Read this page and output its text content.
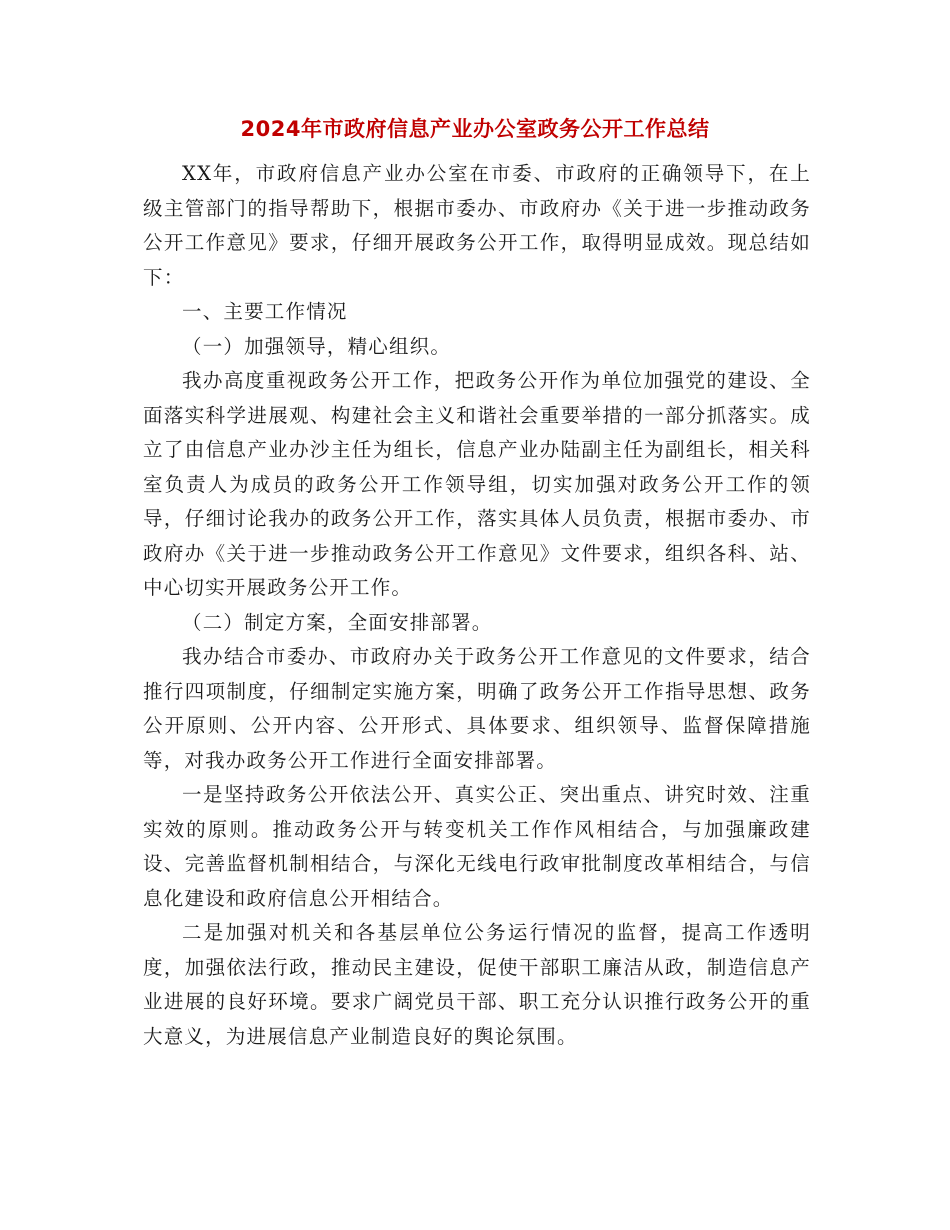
2024年市政府信息产业办公室政务公开工作总结

XX年，市政府信息产业办公室在市委、市政府的正确领导下，在上级主管部门的指导帮助下，根据市委办、市政府办《关于进一步推动政务公开工作意见》要求，仔细开展政务公开工作，取得明显成效。现总结如下：

一、主要工作情况

（一）加强领导，精心组织。

我办高度重视政务公开工作，把政务公开作为单位加强党的建设、全面落实科学进展观、构建社会主义和谐社会重要举措的一部分抓落实。成立了由信息产业办沙主任为组长，信息产业办陆副主任为副组长，相关科室负责人为成员的政务公开工作领导组，切实加强对政务公开工作的领导，仔细讨论我办的政务公开工作，落实具体人员负责，根据市委办、市政府办《关于进一步推动政务公开工作意见》文件要求，组织各科、站、中心切实开展政务公开工作。

（二）制定方案，全面安排部署。

我办结合市委办、市政府办关于政务公开工作意见的文件要求，结合推行四项制度，仔细制定实施方案，明确了政务公开工作指导思想、政务公开原则、公开内容、公开形式、具体要求、组织领导、监督保障措施等，对我办政务公开工作进行全面安排部署。

一是坚持政务公开依法公开、真实公正、突出重点、讲究时效、注重实效的原则。推动政务公开与转变机关工作作风相结合，与加强廉政建设、完善监督机制相结合，与深化无线电行政审批制度改革相结合，与信息化建设和政府信息公开相结合。

二是加强对机关和各基层单位公务运行情况的监督，提高工作透明度，加强依法行政，推动民主建设，促使干部职工廉洁从政，制造信息产业进展的良好环境。要求广阔党员干部、职工充分认识推行政务公开的重大意义，为进展信息产业制造良好的舆论氛围。
